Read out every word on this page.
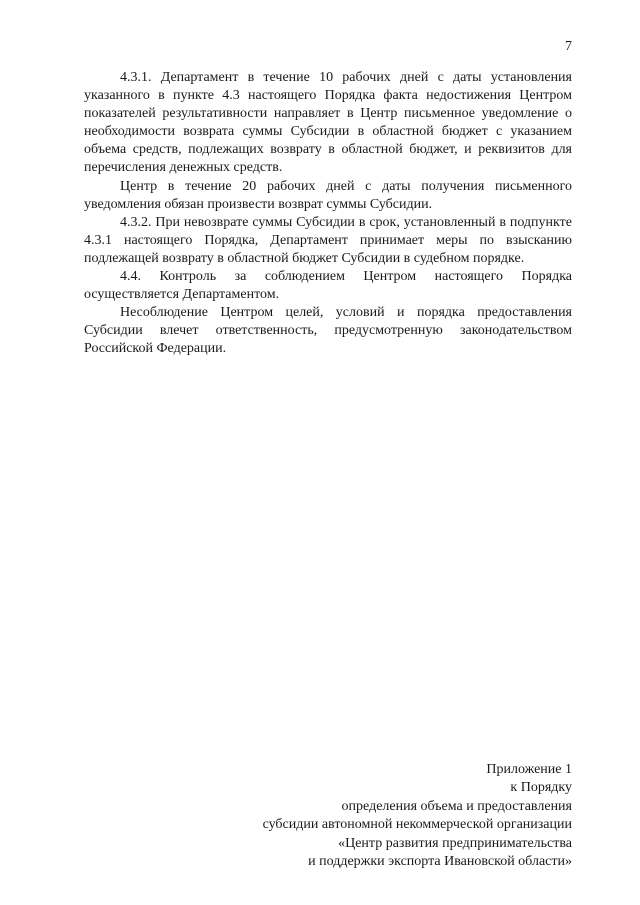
7

4.3.1. Департамент в течение 10 рабочих дней с даты установления указанного в пункте 4.3 настоящего Порядка факта недостижения Центром показателей результативности направляет в Центр письменное уведомление о необходимости возврата суммы Субсидии в областной бюджет с указанием объема средств, подлежащих возврату в областной бюджет, и реквизитов для перечисления денежных средств.

Центр в течение 20 рабочих дней с даты получения письменного уведомления обязан произвести возврат суммы Субсидии.

4.3.2. При невозврате суммы Субсидии в срок, установленный в подпункте 4.3.1 настоящего Порядка, Департамент принимает меры по взысканию подлежащей возврату в областной бюджет Субсидии в судебном порядке.

4.4. Контроль за соблюдением Центром настоящего Порядка осуществляется Департаментом.

Несоблюдение Центром целей, условий и порядка предоставления Субсидии влечет ответственность, предусмотренную законодательством Российской Федерации.

Приложение 1
к Порядку
определения объема и предоставления
субсидии автономной некоммерческой организации
«Центр развития предпринимательства
и поддержки экспорта Ивановской области»
